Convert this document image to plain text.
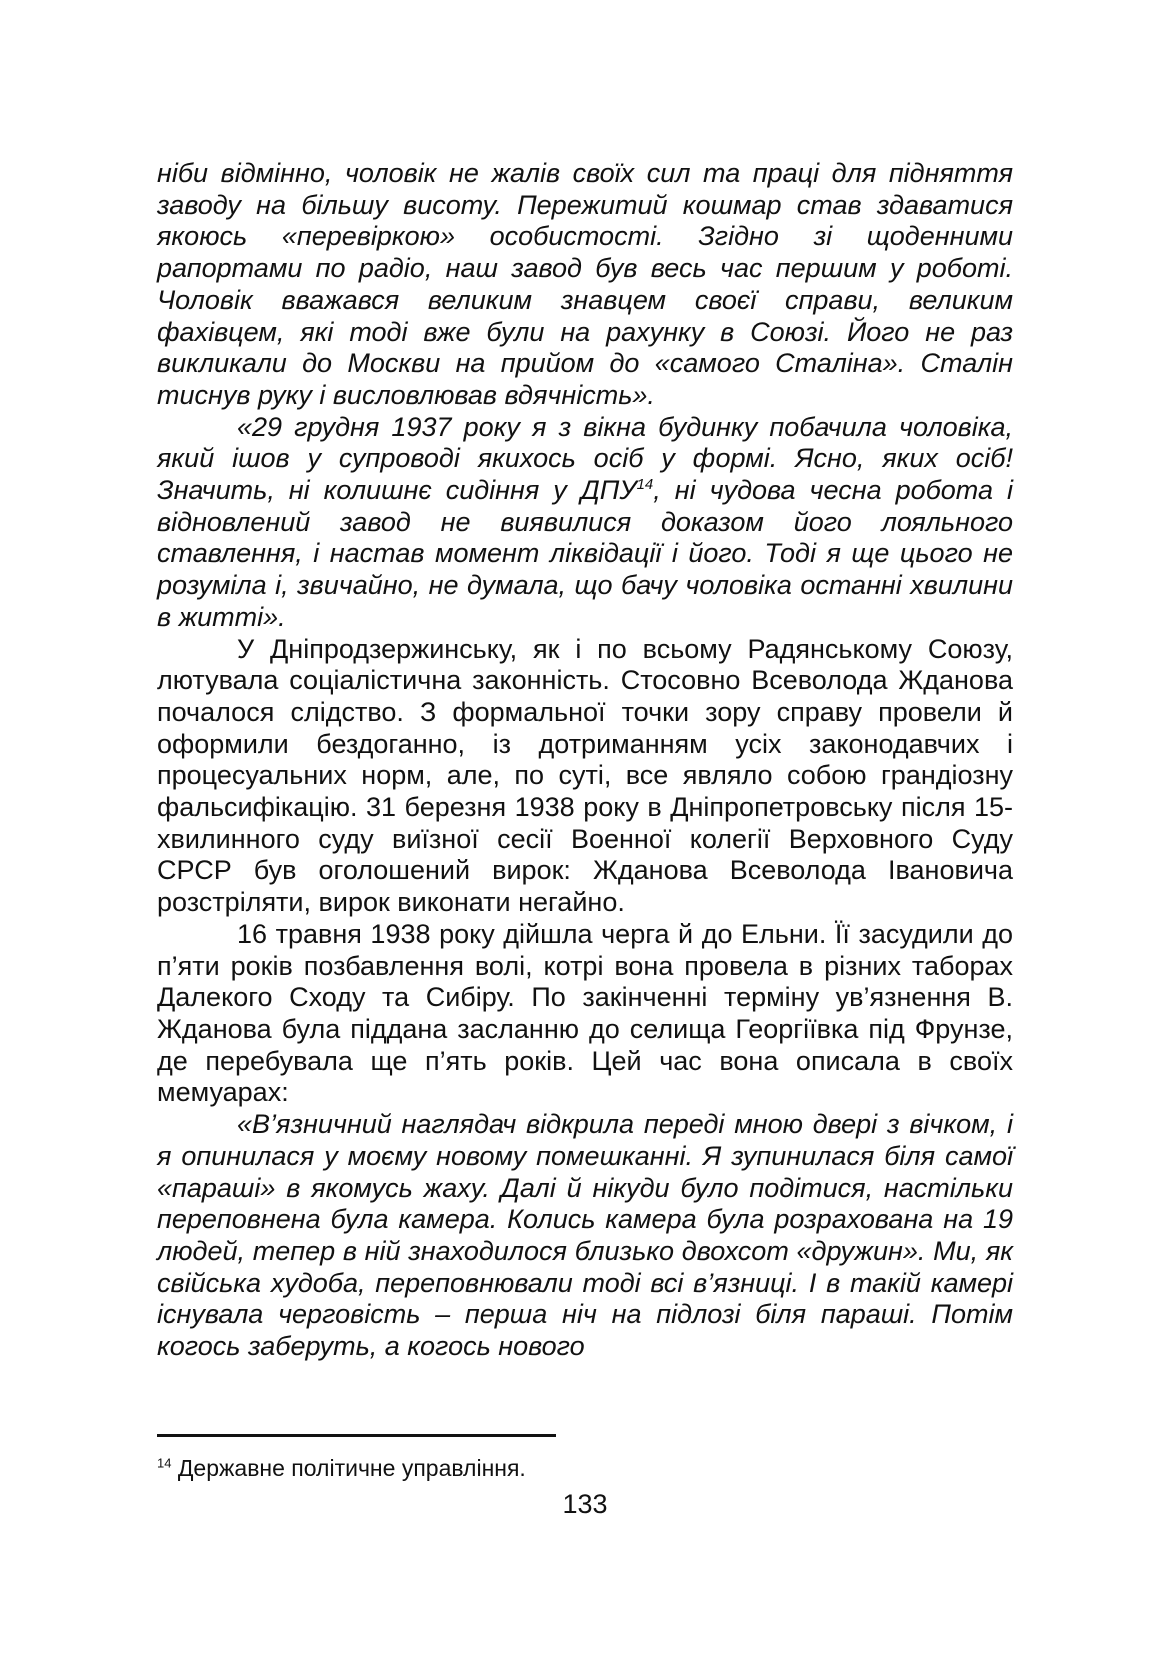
ніби відмінно, чоловік не жалів своїх сил та праці для підняття заводу на більшу висоту. Пережитий кошмар став здаватися якоюсь «перевіркою» особистості. Згідно зі щоденними рапортами по радіо, наш завод був весь час першим у роботі. Чоловік вважався великим знавцем своєї справи, великим фахівцем, які тоді вже були на рахунку в Союзі. Його не раз викликали до Москви на прийом до «самого Сталіна». Сталін тиснув руку і висловлював вдячність».

«29 грудня 1937 року я з вікна будинку побачила чоловіка, який ішов у супроводі якихось осіб у формі. Ясно, яких осіб! Значить, ні колишнє сидіння у ДПУ$^{14}$, ні чудова чесна робота і відновлений завод не виявилися доказом його лояльного ставлення, і настав момент ліквідації і його. Тоді я ще цього не розуміла і, звичайно, не думала, що бачу чоловіка останні хвилини в житті».

У Дніпродзержинську, як і по всьому Радянському Союзу, лютувала соціалістична законність. Стосовно Всеволода Жданова почалося слідство. З формальної точки зору справу провели й оформили бездоганно, із дотриманням усіх законодавчих і процесуальних норм, але, по суті, все являло собою грандіозну фальсифікацію. 31 березня 1938 року в Дніпропетровську після 15-хвилинного суду виїзної сесії Военної колегії Верховного Суду СРСР був оголошений вирок: Жданова Всеволода Івановича розстріляти, вирок виконати негайно.

16 травня 1938 року дійшла черга й до Ельни. Її засудили до п’яти років позбавлення волі, котрі вона провела в різних таборах Далекого Сходу та Сибіру. По закінченні терміну ув’язнення В. Жданова була піддана засланню до селища Георгіївка під Фрунзе, де перебувала ще п’ять років. Цей час вона описала в своїх мемуарах:

«В’язничний наглядач відкрила переді мною двері з вічком, і я опинилася у моєму новому помешканні. Я зупинилася біля самої «параші» в якомусь жаху. Далі й нікуди було подітися, настільки переповнена була камера. Колись камера була розрахована на 19 людей, тепер в ній знаходилося близько двохсот «дружин». Ми, як свійська худоба, переповнювали тоді всі в’язниці. І в такій камері існувала черговість – перша ніч на підлозі біля параші. Потім когось заберуть, а когось нового

$^{14}$ Державне політичне управління.
133
